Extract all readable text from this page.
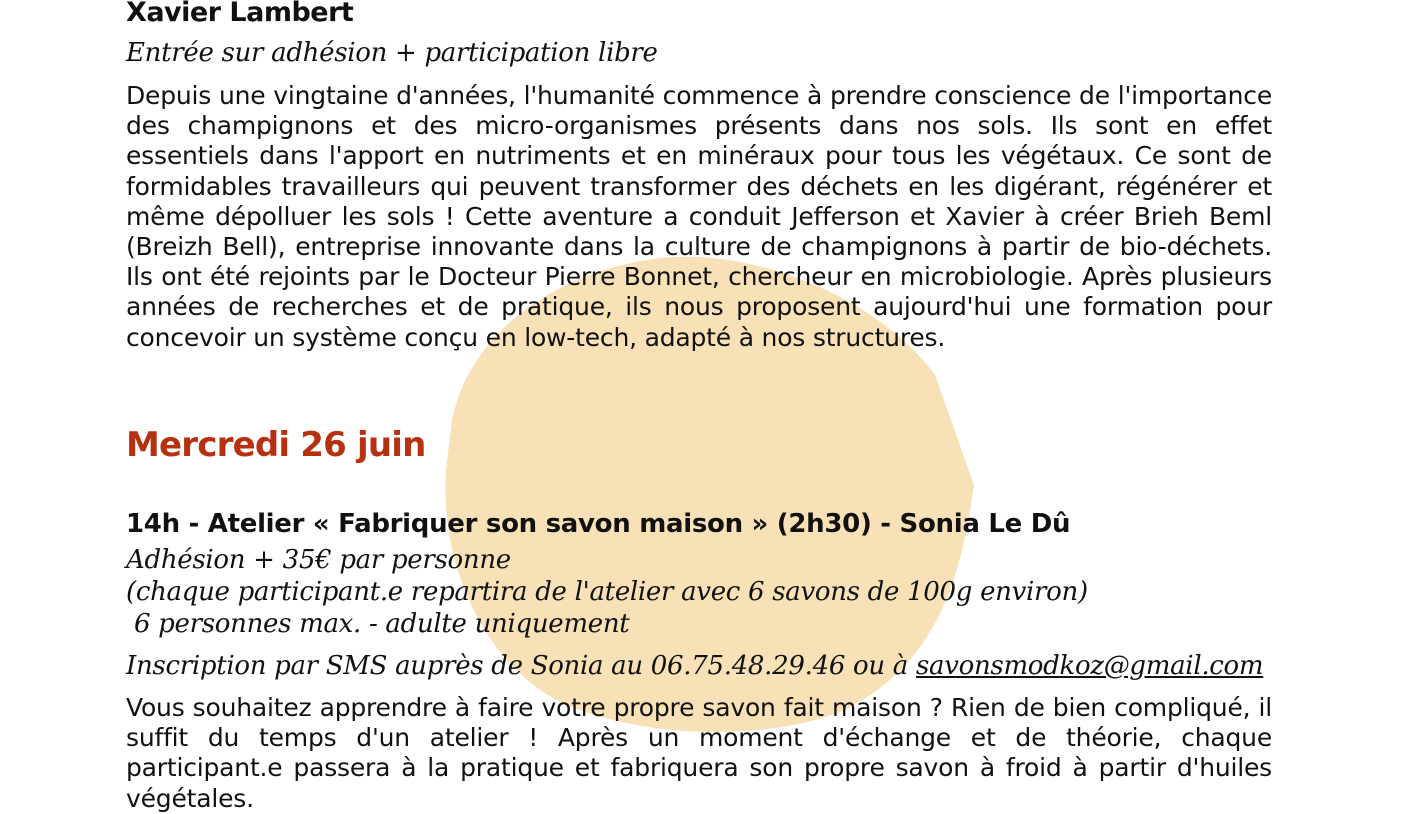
Xavier Lambert

Entrée sur adhésion + participation libre

Depuis une vingtaine d'années, l'humanité commence à prendre conscience de l'importance des champignons et des micro-organismes présents dans nos sols. Ils sont en effet essentiels dans l'apport en nutriments et en minéraux pour tous les végétaux. Ce sont de formidables travailleurs qui peuvent transformer des déchets en les digérant, régénérer et même dépolluer les sols ! Cette aventure a conduit Jefferson et Xavier à créer Brieh Beml (Breizh Bell), entreprise innovante dans la culture de champignons à partir de bio-déchets. Ils ont été rejoints par le Docteur Pierre Bonnet, chercheur en microbiologie. Après plusieurs années de recherches et de pratique, ils nous proposent aujourd'hui une formation pour concevoir un système conçu en low-tech, adapté à nos structures.

Mercredi 26 juin
14h - Atelier « Fabriquer son savon maison » (2h30) - Sonia Le Dû

Adhésion + 35€ par personne

(chaque participant.e repartira de l'atelier avec 6 savons de 100g environ)

6 personnes max. - adulte uniquement

Inscription par SMS auprès de Sonia au 06.75.48.29.46 ou à savonsmodkoz@gmail.com

Vous souhaitez apprendre à faire votre propre savon fait maison ? Rien de bien compliqué, il suffit du temps d'un atelier ! Après un moment d'échange et de théorie, chaque participant.e passera à la pratique et fabriquera son propre savon à froid à partir d'huiles végétales.
